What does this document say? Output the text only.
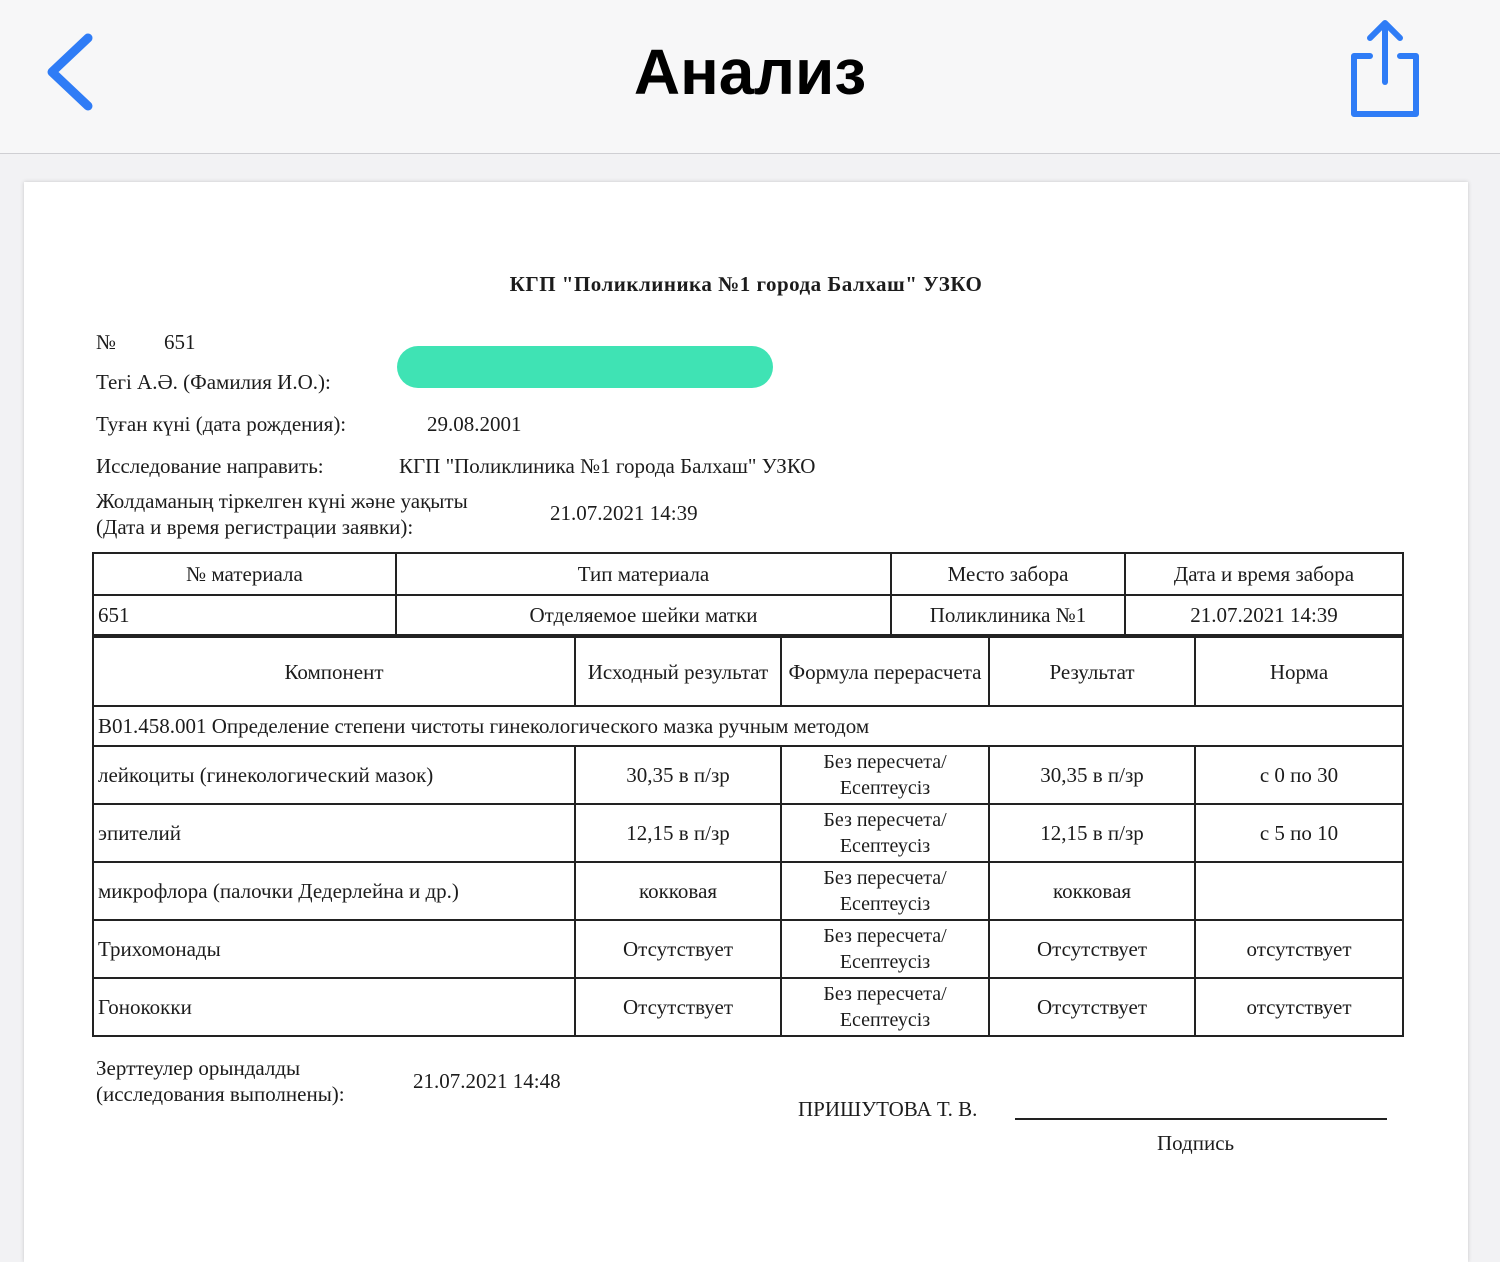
Анализ
КГП "Поликлиника №1 города Балхаш" УЗКО
№ 651
Тегі А.Ә. (Фамилия И.О.):
Туған күні (дата рождения):	29.08.2001
Исследование направить:	КГП "Поликлиника №1 города Балхаш" УЗКО
Жолдаманың тіркелген күні және уақыты
(Дата и время регистрации заявки):
21.07.2021 14:39
№ материала	Тип материала	Место забора	Дата и время забора
651	Отделяемое шейки матки	Поликлиника №1	21.07.2021 14:39
Компонент	Исходный результат	Формула перерасчета	Результат	Норма
B01.458.001 Определение степени чистоты гинекологического мазка ручным методом				
лейкоциты (гинекологический мазок)	30,35 в п/зр	Без пересчета/ Есептеусіз	30,35 в п/зр	с 0 по 30
эпителий	12,15 в п/зр	Без пересчета/ Есептеусіз	12,15 в п/зр	с 5 по 10
микрофлора (палочки Дедерлейна и др.)	кокковая	Без пересчета/ Есептеусіз	кокковая	
Трихомонады	Отсутствует	Без пересчета/ Есептеусіз	Отсутствует	отсутствует
Гонококки	Отсутствует	Без пересчета/ Есептеусіз	Отсутствует	отсутствует
Зерттеулер орындалды
(исследования выполнены):
21.07.2021 14:48
ПРИШУТОВА Т. В.
Подпись
